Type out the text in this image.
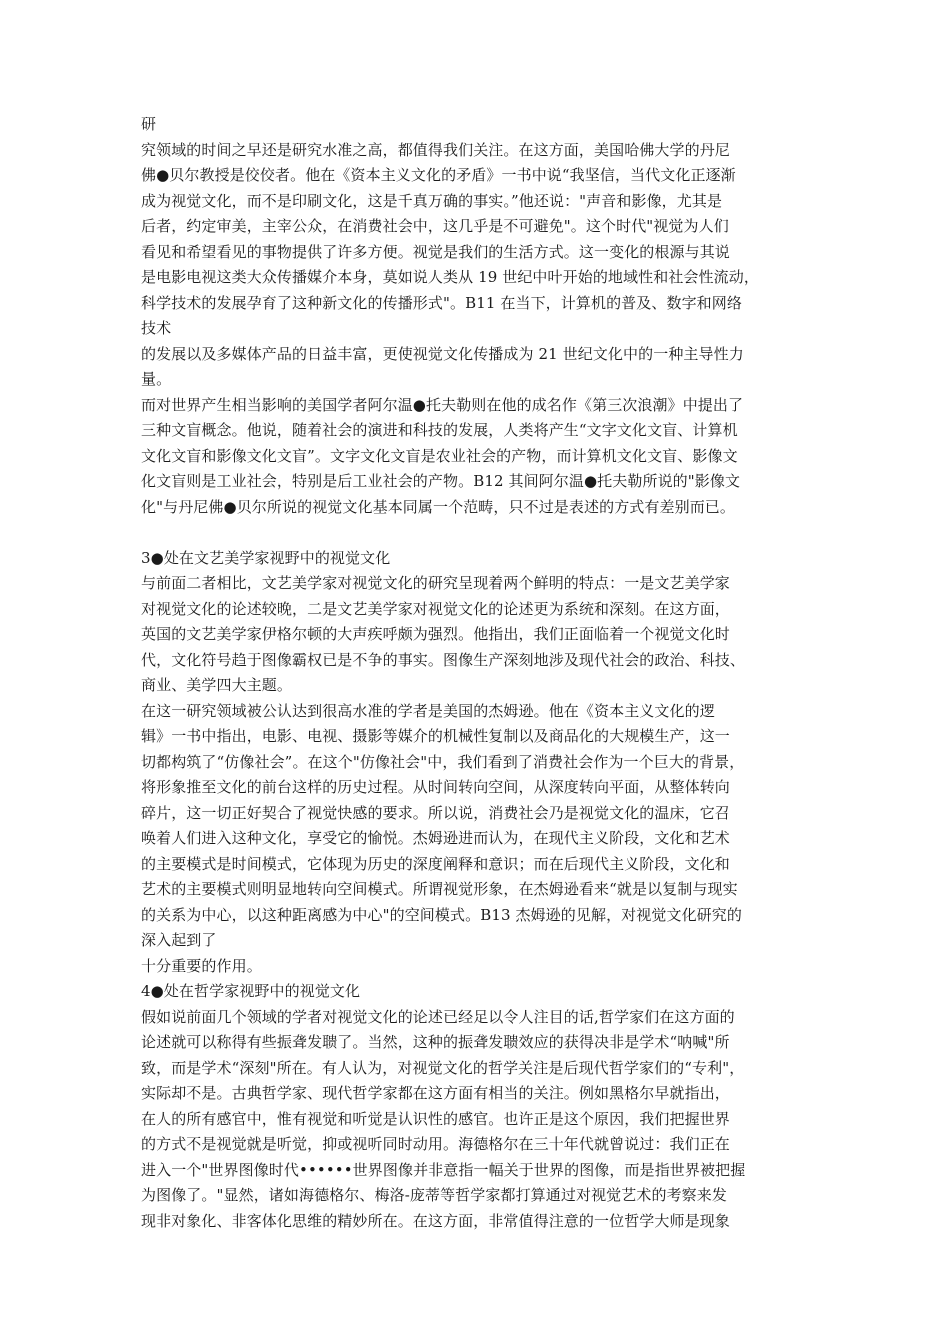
研
究领域的时间之早还是研究水准之高，都值得我们关注。在这方面，美国哈佛大学的丹尼
佛●贝尔教授是佼佼者。他在《资本主义文化的矛盾》一书中说“我坚信，当代文化正逐渐
成为视觉文化，而不是印刷文化，这是千真万确的事实。”他还说："声音和影像，尤其是
后者，约定审美，主宰公众，在消费社会中，这几乎是不可避免"。这个时代"视觉为人们
看见和希望看见的事物提供了许多方便。视觉是我们的生活方式。这一变化的根源与其说
是电影电视这类大众传播媒介本身，莫如说人类从 19 世纪中叶开始的地域性和社会性流动，
科学技术的发展孕育了这种新文化的传播形式"。B11 在当下，计算机的普及、数字和网络
技术
的发展以及多媒体产品的日益丰富，更使视觉文化传播成为 21 世纪文化中的一种主导性力
量。
而对世界产生相当影响的美国学者阿尔温●托夫勒则在他的成名作《第三次浪潮》中提出了
三种文盲概念。他说，随着社会的演进和科技的发展，人类将产生“文字文化文盲、计算机
文化文盲和影像文化文盲”。文字文化文盲是农业社会的产物，而计算机文化文盲、影像文
化文盲则是工业社会，特别是后工业社会的产物。B12 其间阿尔温●托夫勒所说的"影像文
化"与丹尼佛●贝尔所说的视觉文化基本同属一个范畴，只不过是表述的方式有差别而已。
3●处在文艺美学家视野中的视觉文化
与前面二者相比，文艺美学家对视觉文化的研究呈现着两个鲜明的特点：一是文艺美学家
对视觉文化的论述较晚，二是文艺美学家对视觉文化的论述更为系统和深刻。在这方面，
英国的文艺美学家伊格尔顿的大声疾呼颇为强烈。他指出，我们正面临着一个视觉文化时
代，文化符号趋于图像霸权已是不争的事实。图像生产深刻地涉及现代社会的政治、科技、
商业、美学四大主题。
在这一研究领域被公认达到很高水准的学者是美国的杰姆逊。他在《资本主义文化的逻
辑》一书中指出，电影、电视、摄影等媒介的机械性复制以及商品化的大规模生产，这一
切都构筑了“仿像社会”。在这个"仿像社会"中，我们看到了消费社会作为一个巨大的背景，
将形象推至文化的前台这样的历史过程。从时间转向空间，从深度转向平面，从整体转向
碎片，这一切正好契合了视觉快感的要求。所以说，消费社会乃是视觉文化的温床，它召
唤着人们进入这种文化，享受它的愉悦。杰姆逊进而认为，在现代主义阶段，文化和艺术
的主要模式是时间模式，它体现为历史的深度阐释和意识；而在后现代主义阶段，文化和
艺术的主要模式则明显地转向空间模式。所谓视觉形象，在杰姆逊看来“就是以复制与现实
的关系为中心，以这种距离感为中心"的空间模式。B13 杰姆逊的见解，对视觉文化研究的
深入起到了
十分重要的作用。
4●处在哲学家视野中的视觉文化
假如说前面几个领域的学者对视觉文化的论述已经足以令人注目的话,哲学家们在这方面的
论述就可以称得有些振聋发聩了。当然，这种的振聋发聩效应的获得决非是学术“呐喊"所
致，而是学术“深刻"所在。有人认为，对视觉文化的哲学关注是后现代哲学家们的“专利"，
实际却不是。古典哲学家、现代哲学家都在这方面有相当的关注。例如黑格尔早就指出，
在人的所有感官中，惟有视觉和听觉是认识性的感官。也许正是这个原因，我们把握世界
的方式不是视觉就是听觉，抑或视听同时动用。海德格尔在三十年代就曾说过：我们正在
进入一个"世界图像时代••••••世界图像并非意指一幅关于世界的图像，而是指世界被把握
为图像了。"显然，诸如海德格尔、梅洛-庞蒂等哲学家都打算通过对视觉艺术的考察来发
现非对象化、非客体化思维的精妙所在。在这方面，非常值得注意的一位哲学大师是现象
